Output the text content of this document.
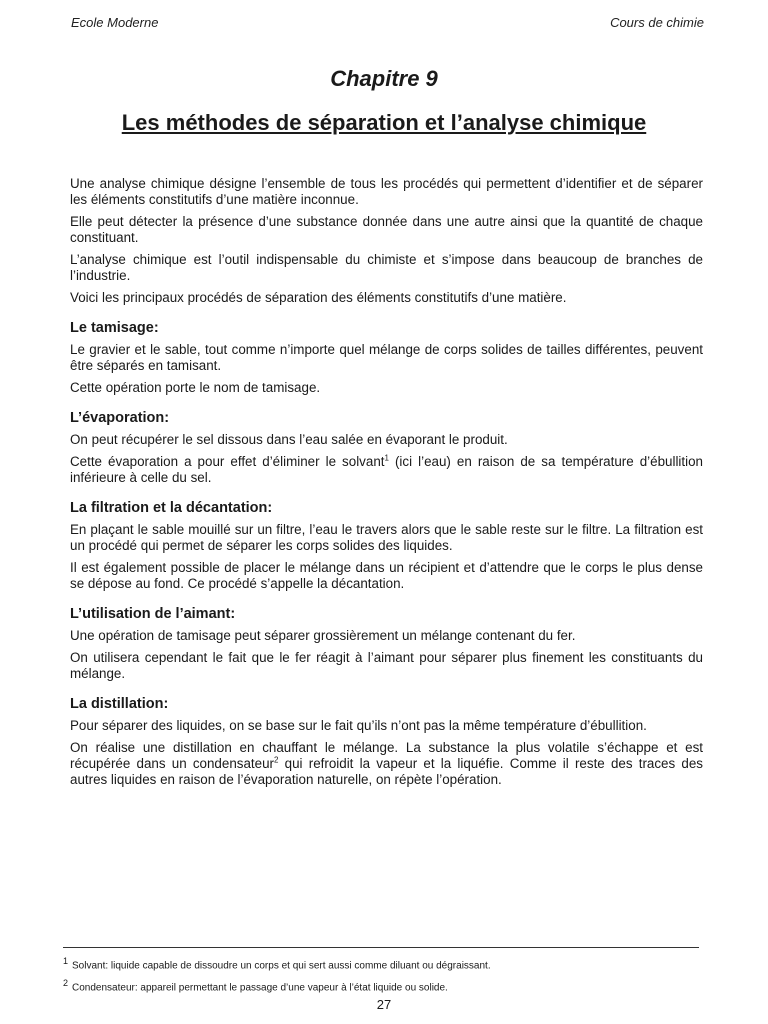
Ecole Moderne	Cours de chimie
Chapitre 9
Les méthodes de séparation et l’analyse chimique

Une analyse chimique désigne l’ensemble de tous les procédés qui permettent d’identifier et de séparer les éléments constitutifs d’une matière inconnue.

Elle peut détecter la présence d’une substance donnée dans une autre ainsi que la quantité de chaque constituant.

L’analyse chimique est l’outil indispensable du chimiste et s’impose dans beaucoup de branches de l’industrie.

Voici les principaux procédés de séparation des éléments constitutifs d’une matière.

Le tamisage:

Le gravier et le sable, tout comme n’importe quel mélange de corps solides de tailles différentes, peuvent être séparés en tamisant.

Cette opération porte le nom de tamisage.

L’évaporation:

On peut récupérer le sel dissous dans l’eau salée en évaporant le produit.

Cette évaporation a pour effet d’éliminer le solvant$^1$ (ici l’eau) en raison de sa température d’ébullition inférieure à celle du sel.

La filtration et la décantation:

En plaçant le sable mouillé sur un filtre, l’eau le travers alors que le sable reste sur le filtre. La filtration est un procédé qui permet de séparer les corps solides des liquides.

Il est également possible de placer le mélange dans un récipient et d’attendre que le corps le plus dense se dépose au fond. Ce procédé s’appelle la décantation.

L’utilisation de l’aimant:

Une opération de tamisage peut séparer grossièrement un mélange contenant du fer.

On utilisera cependant le fait que le fer réagit à l’aimant pour séparer plus finement les constituants du mélange.

La distillation:

Pour séparer des liquides, on se base sur le fait qu’ils n’ont pas la même température d’ébullition.

On réalise une distillation en chauffant le mélange. La substance la plus volatile s’échappe et est récupérée dans un condensateur$^2$ qui refroidit la vapeur et la liquéfie. Comme il reste des traces des autres liquides en raison de l’évaporation naturelle, on répète l’opération.

1 Solvant: liquide capable de dissoudre un corps et qui sert aussi comme diluant ou dégraissant.
2 Condensateur: appareil permettant le passage d’une vapeur à l’état liquide ou solide.
27
